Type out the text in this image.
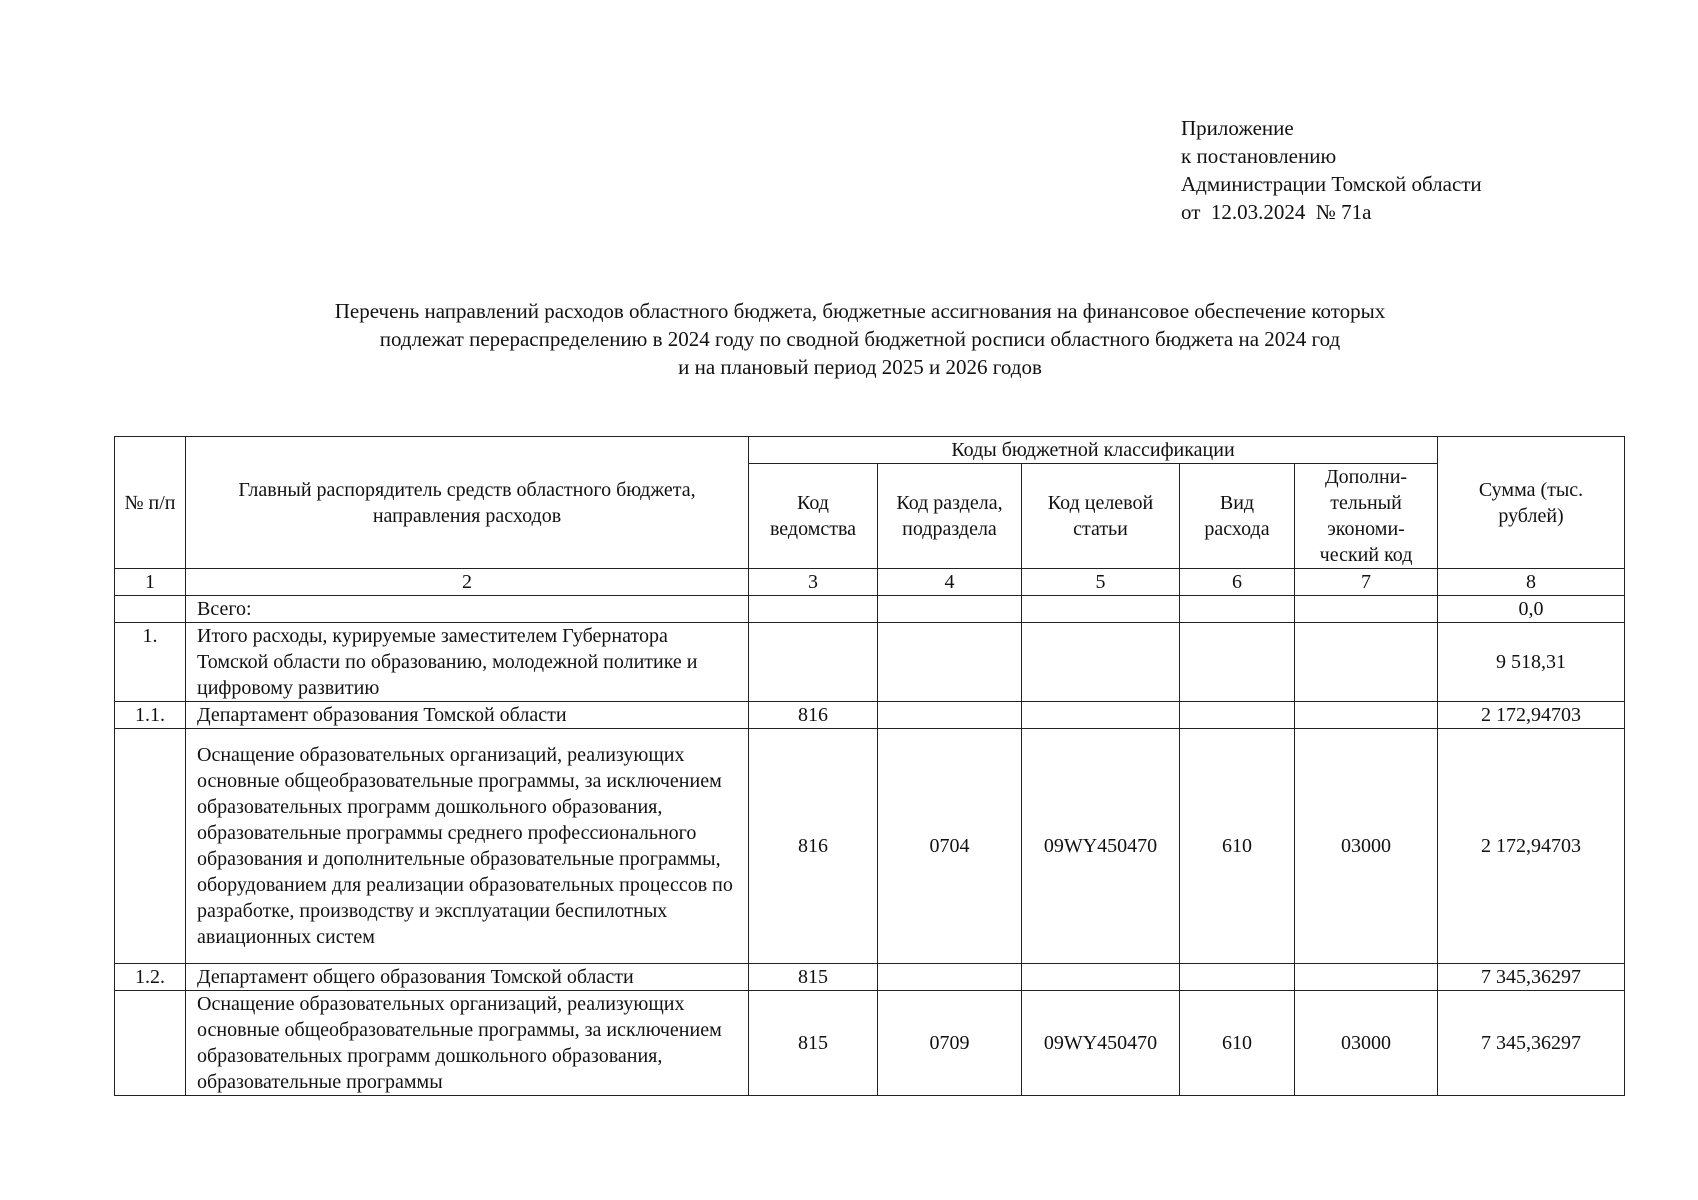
Приложение
к постановлению
Администрации Томской области
от  12.03.2024  № 71а
Перечень направлений расходов областного бюджета, бюджетные ассигнования на финансовое обеспечение которых
подлежат перераспределению в 2024 году по сводной бюджетной росписи областного бюджета на 2024 год
и на плановый период 2025 и 2026 годов
№ п/п	Главный распорядитель средств областного бюджета, направления расходов	Коды бюджетной классификации					Сумма (тыс. рублей)
		Код ведомства	Код раздела, подраздела	Код целевой статьи	Вид расхода	Дополни-тельный экономи-ческий код	
1	2	3	4	5	6	7	8
	Всего:						0,0
1.	Итого расходы, курируемые заместителем Губернатора Томской области по образованию, молодежной политике и цифровому развитию						9 518,31
1.1.	Департамент образования Томской области	816					2 172,94703
	Оснащение образовательных организаций, реализующих основные общеобразовательные программы, за исключением образовательных программ дошкольного образования, образовательные программы среднего профессионального образования и дополнительные образовательные программы, оборудованием для реализации образовательных процессов по разработке, производству и эксплуатации беспилотных авиационных систем	816	0704	09WY450470	610	03000	2 172,94703
1.2.	Департамент общего образования Томской области	815					7 345,36297
	Оснащение образовательных организаций, реализующих основные общеобразовательные программы, за исключением образовательных программ дошкольного образования, образовательные программы	815	0709	09WY450470	610	03000	7 345,36297
